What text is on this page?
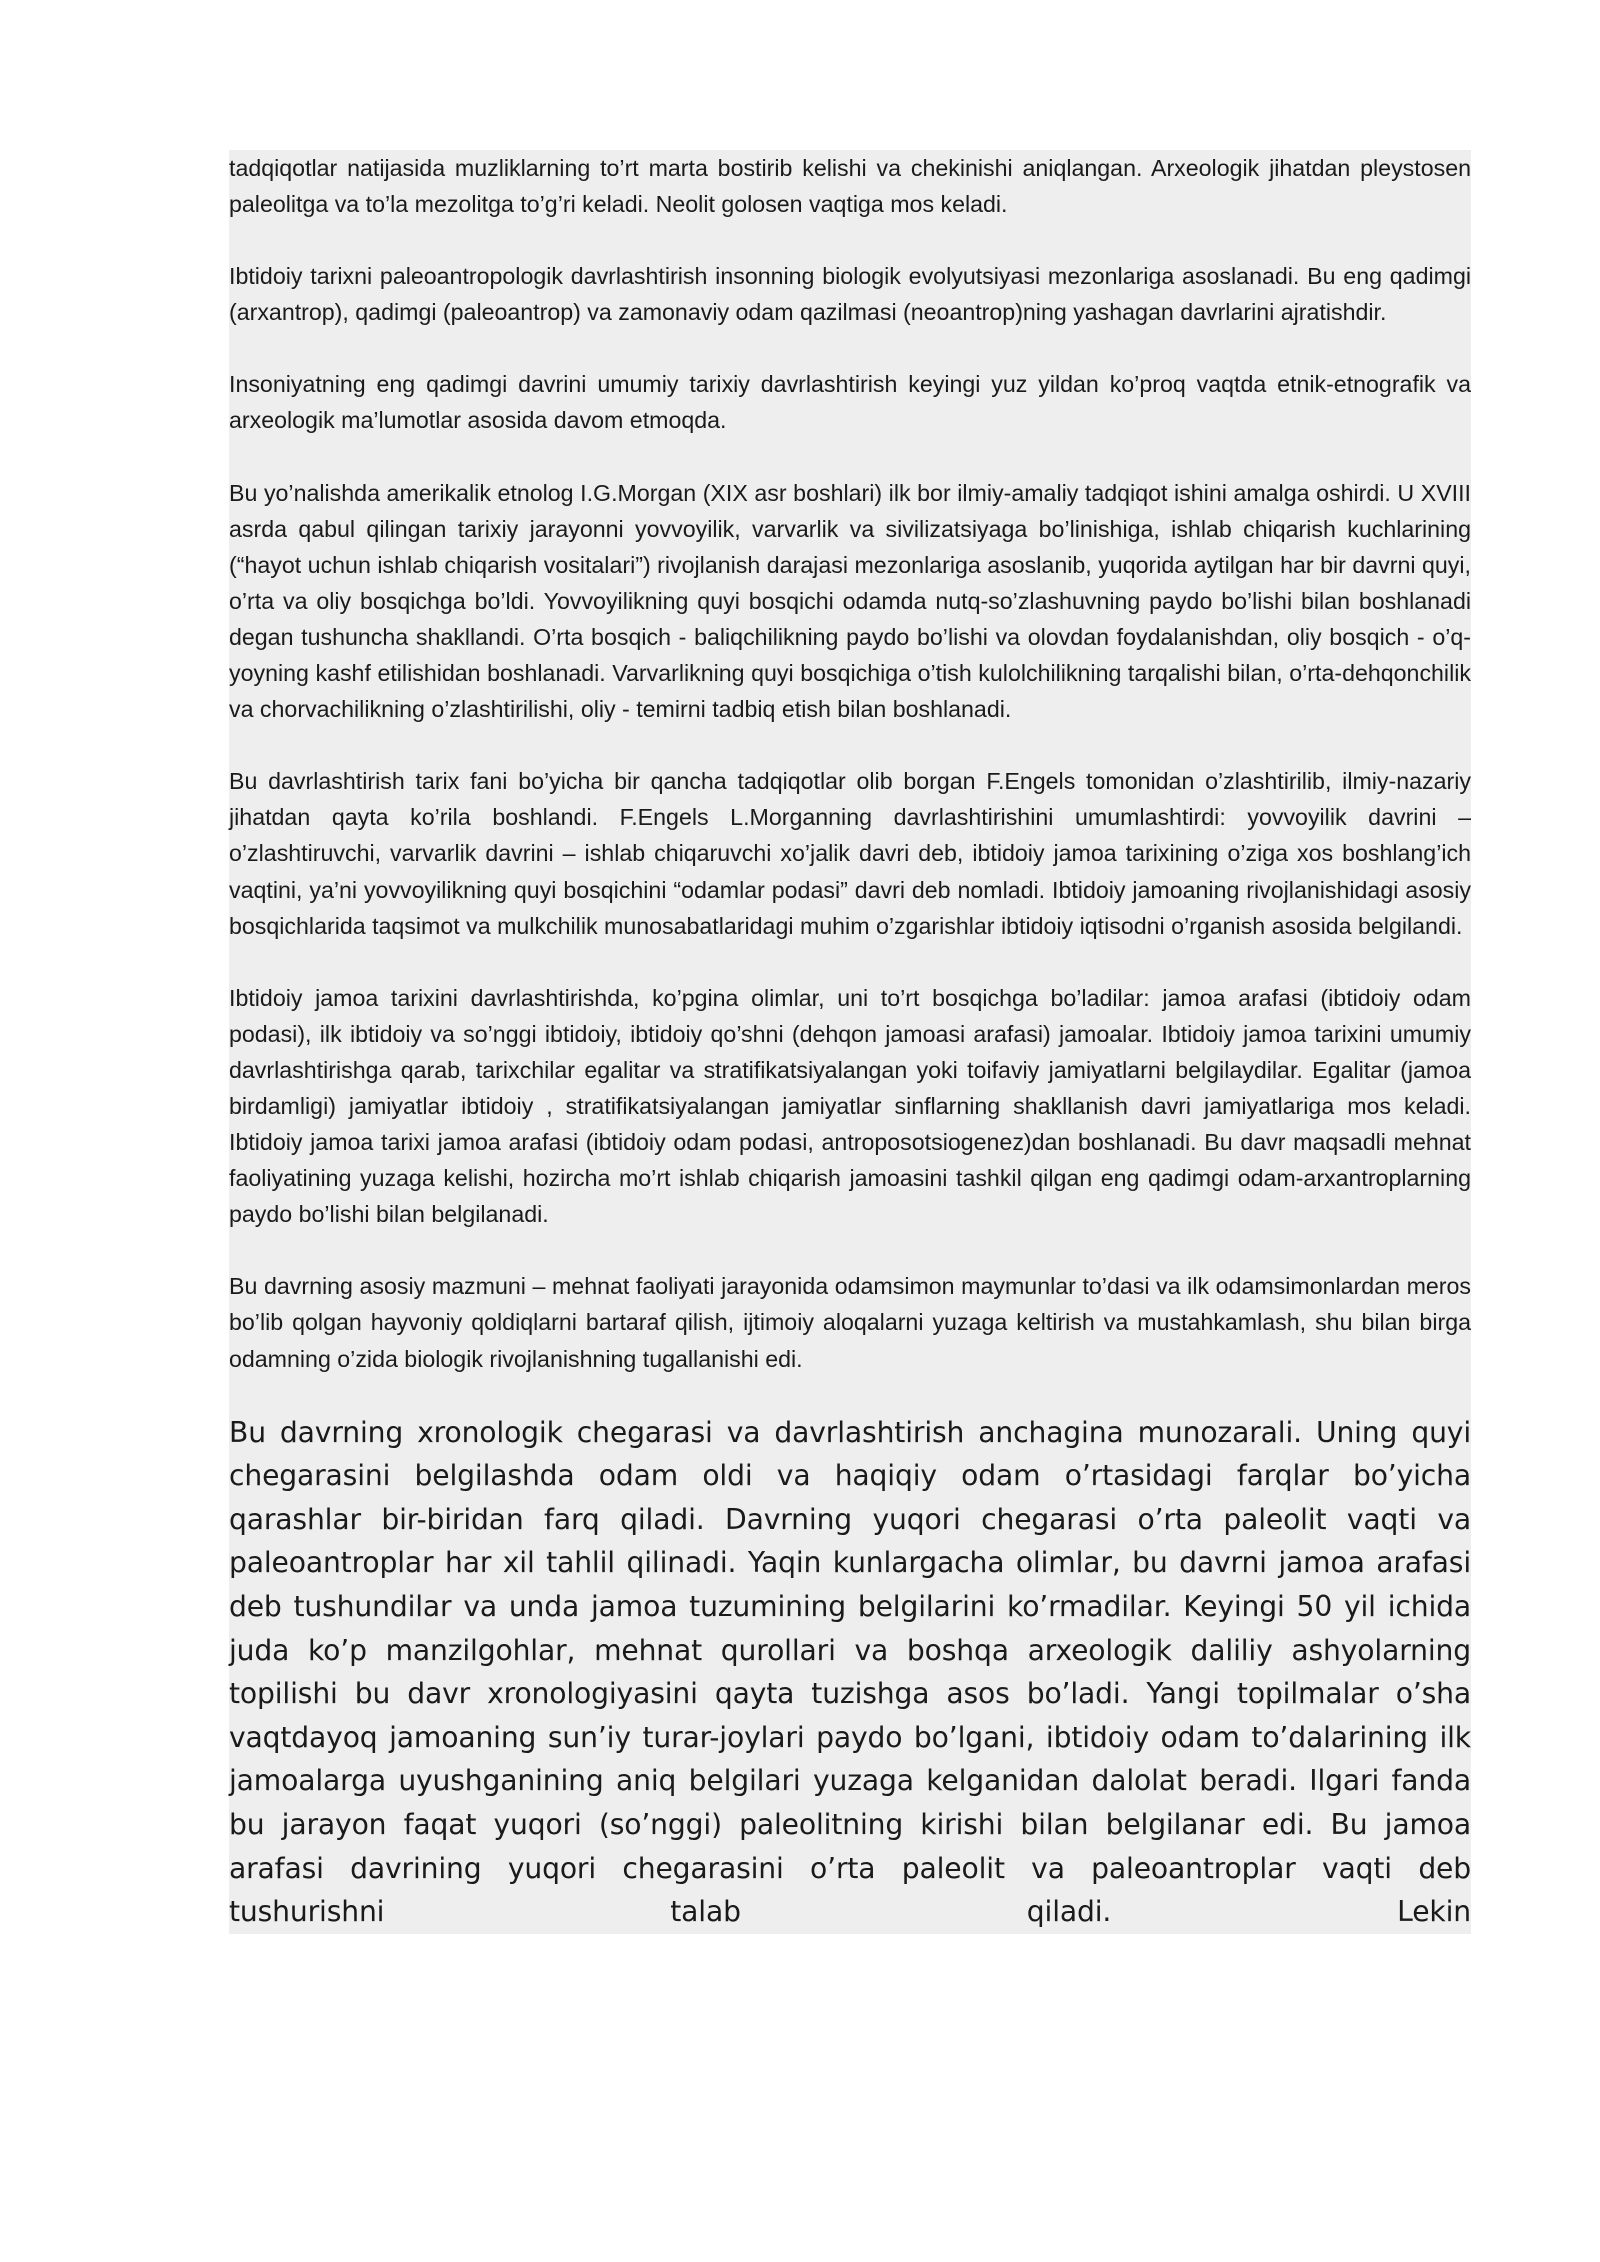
tadqiqotlar natijasida muzliklarning to’rt marta bostirib kelishi va chekinishi aniqlangan. Arxeologik jihatdan pleystosen paleolitga va to’la mezolitga to’g’ri keladi. Neolit golosen vaqtiga mos keladi.

Ibtidoiy tarixni paleoantropologik davrlashtirish insonning biologik evolyutsiyasi mezonlariga asoslanadi. Bu eng qadimgi (arxantrop), qadimgi (paleoantrop) va zamonaviy odam qazilmasi (neoantrop)ning yashagan davrlarini ajratishdir.

Insoniyatning eng qadimgi davrini umumiy tarixiy davrlashtirish keyingi yuz yildan ko’proq vaqtda etnik-etnografik va arxeologik ma’lumotlar asosida davom etmoqda.

Bu yo’nalishda amerikalik etnolog I.G.Morgan (XIX asr boshlari) ilk bor ilmiy-amaliy tadqiqot ishini amalga oshirdi. U XVIII asrda qabul qilingan tarixiy jarayonni yovvoyilik, varvarlik va sivilizatsiyaga bo’linishiga, ishlab chiqarish kuchlarining (“hayot uchun ishlab chiqarish vositalari”) rivojlanish darajasi mezonlariga asoslanib, yuqorida aytilgan har bir davrni quyi, o’rta va oliy bosqichga bo’ldi. Yovvoyilikning quyi bosqichi odamda nutq-so’zlashuvning paydo bo’lishi bilan boshlanadi degan tushuncha shakllandi. O’rta bosqich - baliqchilikning paydo bo’lishi va olovdan foydalanishdan, oliy bosqich - o’q-yoyning kashf etilishidan boshlanadi. Varvarlikning quyi bosqichiga o’tish kulolchilikning tarqalishi bilan, o’rta-dehqonchilik va chorvachilikning o’zlashtirilishi, oliy - temirni tadbiq etish bilan boshlanadi.

Bu davrlashtirish tarix fani bo’yicha bir qancha tadqiqotlar olib borgan F.Engels tomonidan o’zlashtirilib, ilmiy-nazariy jihatdan qayta ko’rila boshlandi. F.Engels L.Morganning davrlashtirishini umumlashtirdi: yovvoyilik davrini – o’zlashtiruvchi, varvarlik davrini – ishlab chiqaruvchi xo’jalik davri deb, ibtidoiy jamoa tarixining o’ziga xos boshlang’ich vaqtini, ya’ni yovvoyilikning quyi bosqichini “odamlar podasi” davri deb nomladi. Ibtidoiy jamoaning rivojlanishidagi asosiy bosqichlarida taqsimot va mulkchilik munosabatlaridagi muhim o’zgarishlar ibtidoiy iqtisodni o’rganish asosida belgilandi.

Ibtidoiy jamoa tarixini davrlashtirishda, ko’pgina olimlar, uni to’rt bosqichga bo’ladilar: jamoa arafasi (ibtidoiy odam podasi), ilk ibtidoiy va so’nggi ibtidoiy, ibtidoiy qo’shni (dehqon jamoasi arafasi) jamoalar. Ibtidoiy jamoa tarixini umumiy davrlashtirishga qarab, tarixchilar egalitar va stratifikatsiyalangan yoki toifaviy jamiyatlarni belgilaydilar. Egalitar (jamoa birdamligi) jamiyatlar ibtidoiy , stratifikatsiyalangan jamiyatlar sinflarning shakllanish davri jamiyatlariga mos keladi. Ibtidoiy jamoa tarixi jamoa arafasi (ibtidoiy odam podasi, antroposotsiogenez)dan boshlanadi. Bu davr maqsadli mehnat faoliyatining yuzaga kelishi, hozircha mo’rt ishlab chiqarish jamoasini tashkil qilgan eng qadimgi odam-arxantroplarning paydo bo’lishi bilan belgilanadi.

Bu davrning asosiy mazmuni – mehnat faoliyati jarayonida odamsimon maymunlar to’dasi va ilk odamsimonlardan meros bo’lib qolgan hayvoniy qoldiqlarni bartaraf qilish, ijtimoiy aloqalarni yuzaga keltirish va mustahkamlash, shu bilan birga odamning o’zida biologik rivojlanishning tugallanishi edi.

Bu davrning xronologik chegarasi va davrlashtirish anchagina munozarali. Uning quyi chegarasini belgilashda odam oldi va haqiqiy odam o’rtasidagi farqlar bo’yicha qarashlar bir-biridan farq qiladi. Davrning yuqori chegarasi o’rta paleolit vaqti va paleoantroplar har xil tahlil qilinadi. Yaqin kunlargacha olimlar, bu davrni jamoa arafasi deb tushundilar va unda jamoa tuzumining belgilarini ko’rmadilar. Keyingi 50 yil ichida juda ko’p manzilgohlar, mehnat qurollari va boshqa arxeologik daliliy ashyolarning topilishi bu davr xronologiyasini qayta tuzishga asos bo’ladi. Yangi topilmalar o’sha vaqtdayoq jamoaning sun’iy turar-joylari paydo bo’lgani, ibtidoiy odam to’dalarining ilk jamoalarga uyushganining aniq belgilari yuzaga kelganidan dalolat beradi. Ilgari fanda bu jarayon faqat yuqori (so’nggi) paleolitning kirishi bilan belgilanar edi. Bu jamoa arafasi davrining yuqori chegarasini o’rta paleolit va paleoantroplar vaqti deb tushurishni talab qiladi. Lekin
